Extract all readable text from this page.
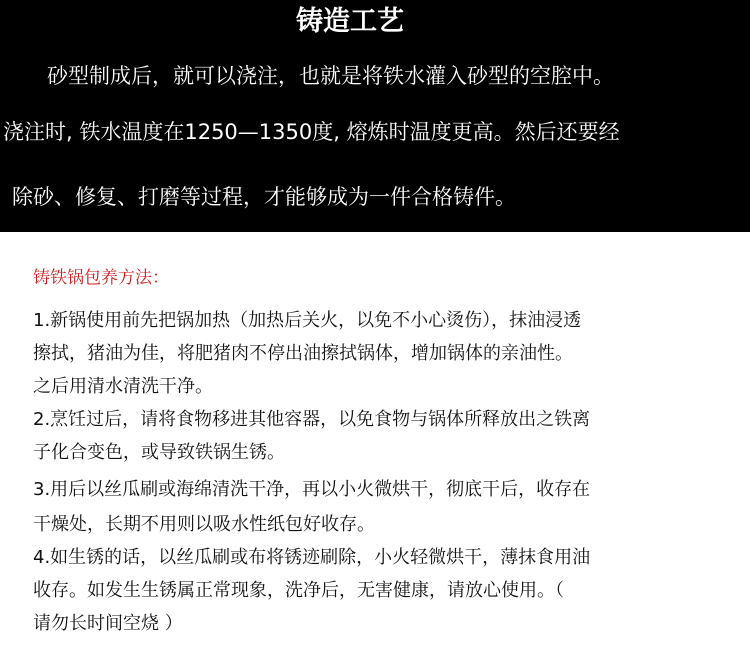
铸造工艺
砂型制成后，就可以浇注，也就是将铁水灌入砂型的空腔中。
浇注时, 铁水温度在1250—1350度, 熔炼时温度更高。然后还要经
除砂、修复、打磨等过程，才能够成为一件合格铸件。
铸铁锅包养方法：
1.新锅使用前先把锅加热（加热后关火，以免不小心烫伤），抹油浸透
擦拭，猪油为佳，将肥猪肉不停出油擦拭锅体，增加锅体的亲油性。
之后用清水清洗干净。
2.烹饪过后，请将食物移进其他容器，以免食物与锅体所释放出之铁离
子化合变色，或导致铁锅生锈。
3.用后以丝瓜刷或海绵清洗干净，再以小火微烘干，彻底干后，收存在
干燥处，长期不用则以吸水性纸包好收存。
4.如生锈的话，以丝瓜刷或布将锈迹刷除，小火轻微烘干，薄抹食用油
收存。如发生生锈属正常现象，洗净后，无害健康，请放心使用。（
请勿长时间空烧 ）
